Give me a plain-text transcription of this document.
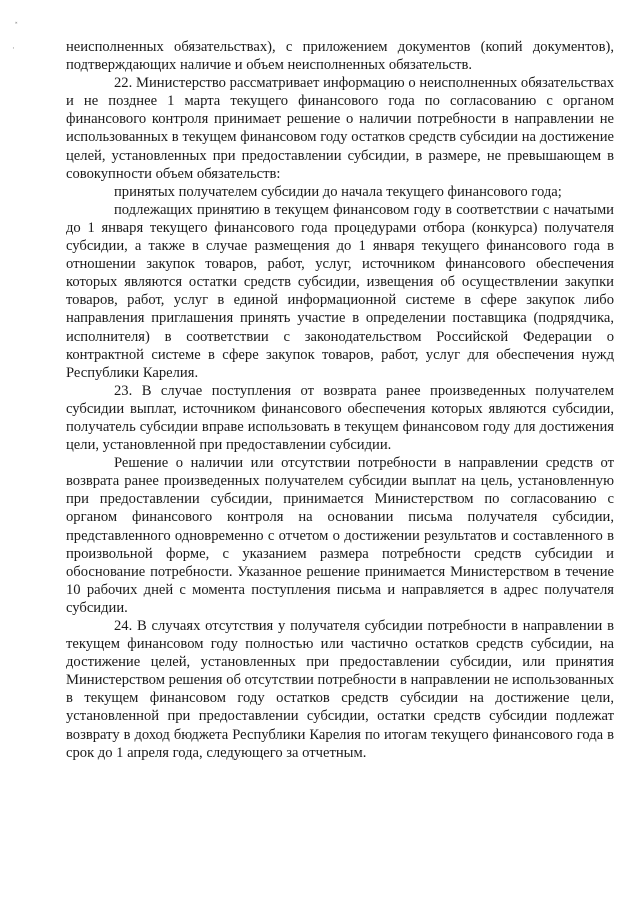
˟
·	неисполненных обязательствах), с приложением документов (копий документов), подтверждающих наличие и объем неисполненных обязательств.

22. Министерство рассматривает информацию о неисполненных обязательствах и не позднее 1 марта текущего финансового года по согласованию с органом финансового контроля принимает решение о наличии потребности в направлении не использованных в текущем финансовом году остатков средств субсидии на достижение целей, установленных при предоставлении субсидии, в размере, не превышающем в совокупности объем обязательств:

принятых получателем субсидии до начала текущего финансового года;

подлежащих принятию в текущем финансовом году в соответствии с начатыми до 1 января текущего финансового года процедурами отбора (конкурса) получателя субсидии, а также в случае размещения до 1 января текущего финансового года в отношении закупок товаров, работ, услуг, источником финансового обеспечения которых являются остатки средств субсидии, извещения об осуществлении закупки товаров, работ, услуг в единой информационной системе в сфере закупок либо направления приглашения принять участие в определении поставщика (подрядчика, исполнителя) в соответствии с законодательством Российской Федерации о контрактной системе в сфере закупок товаров, работ, услуг для обеспечения нужд Республики Карелия.

23. В случае поступления от возврата ранее произведенных получателем субсидии выплат, источником финансового обеспечения которых являются субсидии, получатель субсидии вправе использовать в текущем финансовом году для достижения цели, установленной при предоставлении субсидии.

Решение о наличии или отсутствии потребности в направлении средств от возврата ранее произведенных получателем субсидии выплат на цель, установленную при предоставлении субсидии, принимается Министерством по согласованию с органом финансового контроля на основании письма получателя субсидии, представленного одновременно с отчетом о достижении результатов и составленного в произвольной форме, с указанием размера потребности средств субсидии и обоснование потребности. Указанное решение принимается Министерством в течение 10 рабочих дней с момента поступления письма и направляется в адрес получателя субсидии.

24. В случаях отсутствия у получателя субсидии потребности в направлении в текущем финансовом году полностью или частично остатков средств субсидии, на достижение целей, установленных при предоставлении субсидии, или принятия Министерством решения об отсутствии потребности в направлении не использованных в текущем финансовом году остатков средств субсидии на достижение цели, установленной при предоставлении субсидии, остатки средств субсидии подлежат возврату в доход бюджета Республики Карелия по итогам текущего финансового года в срок до 1 апреля года, следующего за отчетным.
